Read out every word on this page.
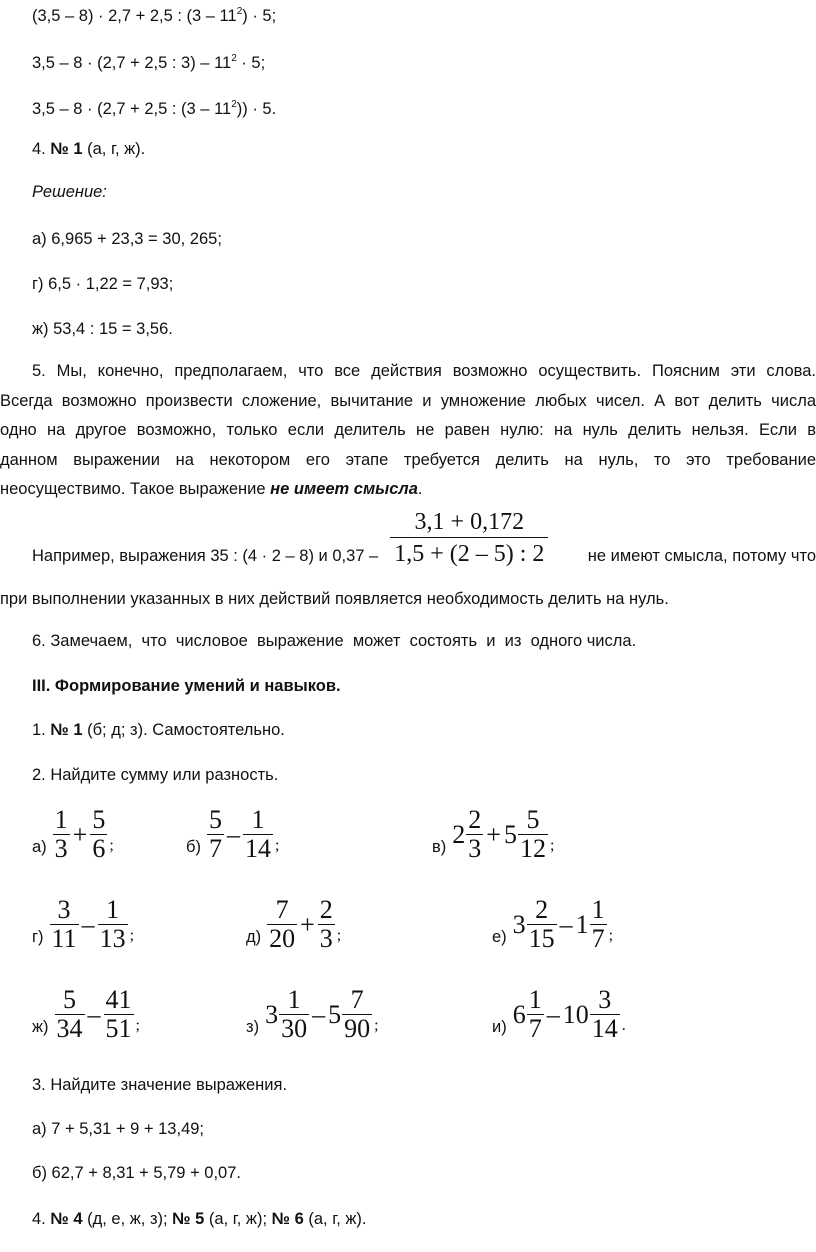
(3,5 – 8) · 2,7 + 2,5 : $(3 - 11^2) \cdot 5$;
3,5 – 8 · (2,7 + 2,5 : $3) - 11^2 \cdot 5$;
3,5 – 8 · (2,7 + 2,5 : $(3 - 11^2)) \cdot 5$.
4. № 1 (а, г, ж).
Решение:
а) 6,965 + 23,3 = 30, 265;
г) 6,5 · 1,22 = 7,93;
ж) 53,4 : 15 = 3,56.
5. Мы, конечно, предполагаем, что все действия возможно осуществить. Поясним эти слова.
Всегда возможно произвести сложение, вычитание и умножение любых чисел. А вот делить числа
одно на другое возможно, только если делитель не равен нулю: на нуль делить нельзя. Если в
данном выражении на некотором его этапе требуется делить на нуль, то это требование
неосуществимо. Такое выражение не имеет смысла.
Например, выражения 35 : (4 · 2 – 8) и $0,37 - \frac{3,1 + 0,172}{1,5 + (2 - 5) : 2}$	не имеют смысла, потому что
при выполнении указанных в них действий появляется необходимость делить на нуль.
6. Замечаем,  что  числовое  выражение  может  состоять  и  из  одного числа.
III. Формирование умений и навыков.
1. № 1 (б; д; з). Самостоятельно.
2. Найдите сумму или разность.
$а) \frac{1}{3} + \frac{5}{6}$ ;	$б) \frac{5}{7} - \frac{1}{14}$ ;	в) $2 \frac{2}{3} + 5 \frac{5}{12}$ ;
$г) \frac{3}{11} - \frac{1}{13}$ ;	$д) \frac{7}{20} + \frac{2}{3}$ ;	е) $3 \frac{2}{15} - 1 \frac{1}{7}$ ;
$ж) \frac{5}{34} - \frac{41}{51}$ ;	з) $3 \frac{1}{30} - 5 \frac{7}{90}$ ;	и) $6 \frac{1}{7} - 10 \frac{3}{14}$ .
3. Найдите значение выражения.
а) 7 + 5,31 + 9 + 13,49;
б) 62,7 + 8,31 + 5,79 + 0,07.
4. № 4 (д, е, ж, з); № 5 (а, г, ж); № 6 (а, г, ж).
